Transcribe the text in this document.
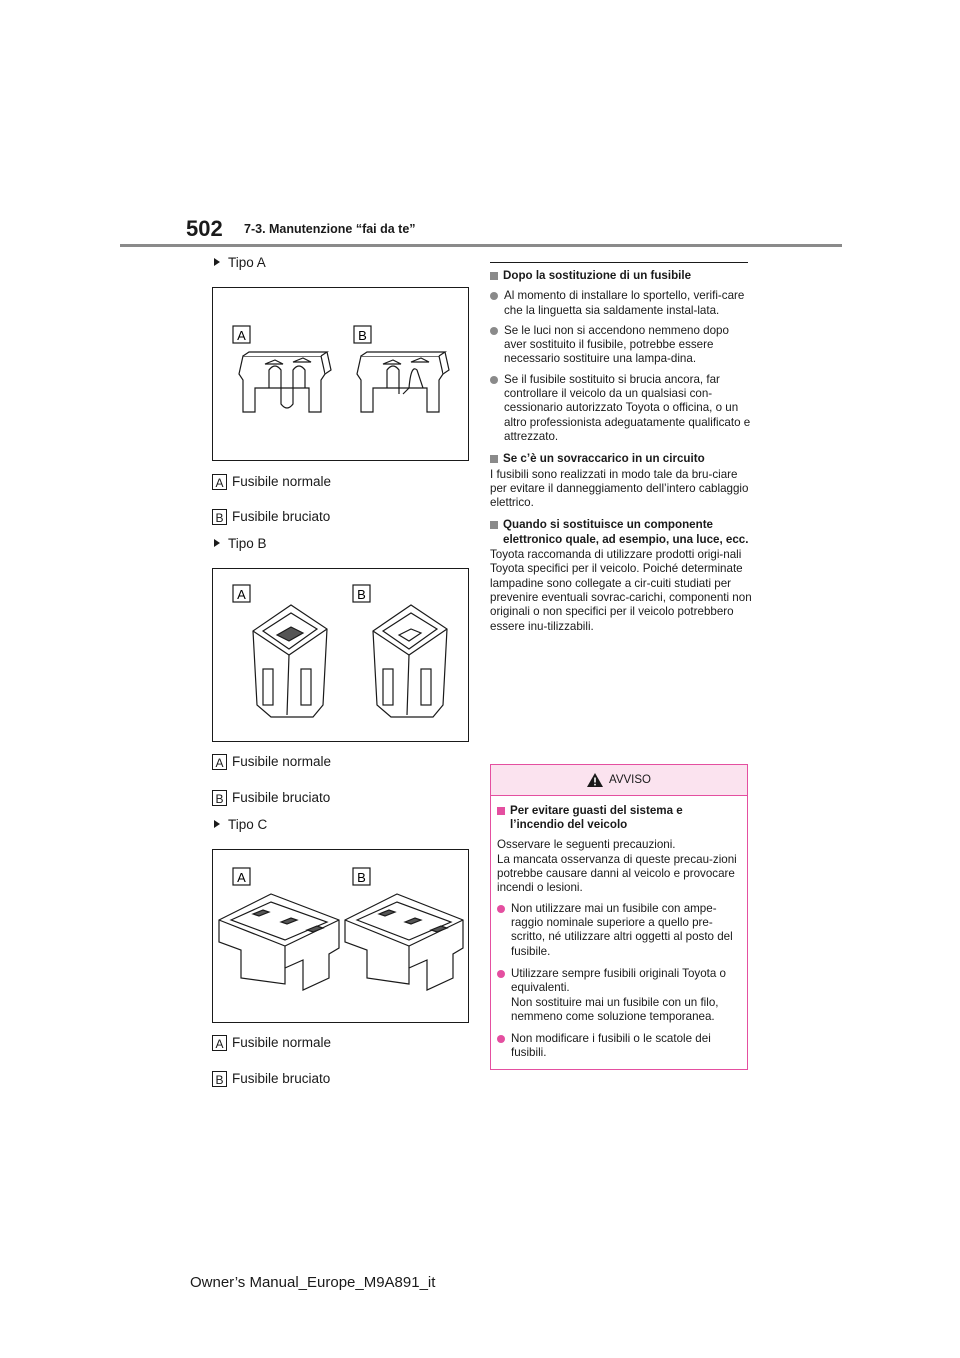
502 7-3. Manutenzione “fai da te”
Tipo A
A	B
A Fusibile normale
B Fusibile bruciato
Tipo B
A	B
A Fusibile normale
B Fusibile bruciato
Tipo C
A	B
A Fusibile normale
B Fusibile bruciato
Dopo la sostituzione di un fusibile
Al momento di installare lo sportello, verifi-care che la linguetta sia saldamente instal-lata.
Se le luci non si accendono nemmeno dopo aver sostituito il fusibile, potrebbe essere necessario sostituire una lampa-dina.
Se il fusibile sostituito si brucia ancora, far controllare il veicolo da un qualsiasi con-cessionario autorizzato Toyota o officina, o un altro professionista adeguatamente qualificato e attrezzato.
Se c’è un sovraccarico in un circuito
I fusibili sono realizzati in modo tale da bru-ciare per evitare il danneggiamento dell’intero cablaggio elettrico.
Quando si sostituisce un componente elettronico quale, ad esempio, una luce, ecc.
Toyota raccomanda di utilizzare prodotti origi-nali Toyota specifici per il veicolo. Poiché determinate lampadine sono collegate a cir-cuiti studiati per prevenire eventuali sovrac-carichi, componenti non originali o non specifici per il veicolo potrebbero essere inu-tilizzabili.
AVVISO
Per evitare guasti del sistema e l’incendio del veicolo
Osservare le seguenti precauzioni.
La mancata osservanza di queste precau-zioni potrebbe causare danni al veicolo e provocare incendi o lesioni.
Non utilizzare mai un fusibile con ampe-raggio nominale superiore a quello pre-scritto, né utilizzare altri oggetti al posto del fusibile.
Utilizzare sempre fusibili originali Toyota o equivalenti.
Non sostituire mai un fusibile con un filo, nemmeno come soluzione temporanea.
Non modificare i fusibili o le scatole dei fusibili.
Owner’s Manual_Europe_M9A891_it
